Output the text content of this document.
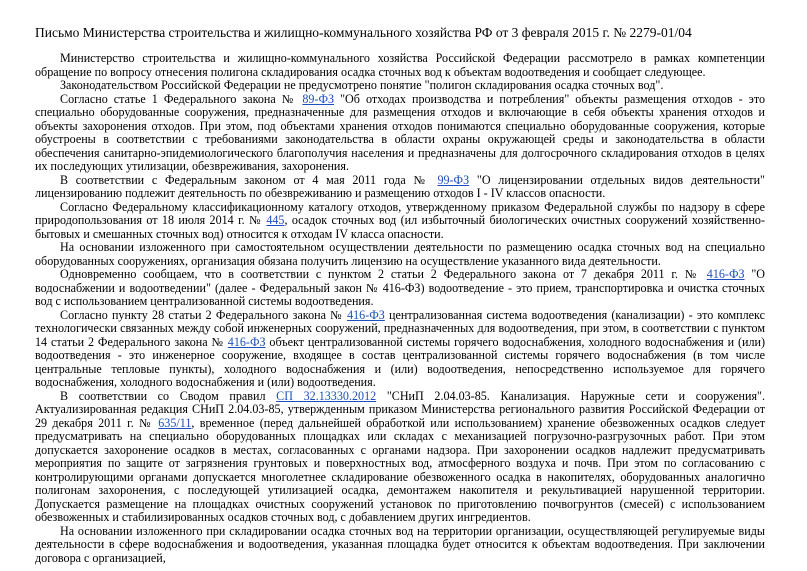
Письмо Министерства строительства и жилищно-коммунального хозяйства РФ от 3 февраля 2015 г. № 2279-01/04

Министерство строительства и жилищно-коммунального хозяйства Российской Федерации рассмотрело в рамках компетенции обращение по вопросу отнесения полигона складирования осадка сточных вод к объектам водоотведения и сообщает следующее.

Законодательством Российской Федерации не предусмотрено понятие "полигон складирования осадка сточных вод".

Согласно статье 1 Федерального закона № 89-ФЗ "Об отходах производства и потребления" объекты размещения отходов - это специально оборудованные сооружения, предназначенные для размещения отходов и включающие в себя объекты хранения отходов и объекты захоронения отходов. При этом, под объектами хранения отходов понимаются специально оборудованные сооружения, которые обустроены в соответствии с требованиями законодательства в области охраны окружающей среды и законодательства в области обеспечения санитарно-эпидемиологического благополучия населения и предназначены для долгосрочного складирования отходов в целях их последующих утилизации, обезвреживания, захоронения.

В соответствии с Федеральным законом от 4 мая 2011 года № 99-ФЗ "О лицензировании отдельных видов деятельности" лицензированию подлежит деятельность по обезвреживанию и размещению отходов I - IV классов опасности.

Согласно Федеральному классификационному каталогу отходов, утвержденному приказом Федеральной службы по надзору в сфере природопользования от 18 июля 2014 г. № 445, осадок сточных вод (ил избыточный биологических очистных сооружений хозяйственно-бытовых и смешанных сточных вод) относится к отходам IV класса опасности.

На основании изложенного при самостоятельном осуществлении деятельности по размещению осадка сточных вод на специально оборудованных сооружениях, организация обязана получить лицензию на осуществление указанного вида деятельности.

Одновременно сообщаем, что в соответствии с пунктом 2 статьи 2 Федерального закона от 7 декабря 2011 г. № 416-ФЗ "О водоснабжении и водоотведении" (далее - Федеральный закон № 416-ФЗ) водоотведение - это прием, транспортировка и очистка сточных вод с использованием централизованной системы водоотведения.

Согласно пункту 28 статьи 2 Федерального закона № 416-ФЗ централизованная система водоотведения (канализации) - это комплекс технологически связанных между собой инженерных сооружений, предназначенных для водоотведения, при этом, в соответствии с пунктом 14 статьи 2 Федерального закона № 416-ФЗ объект централизованной системы горячего водоснабжения, холодного водоснабжения и (или) водоотведения - это инженерное сооружение, входящее в состав централизованной системы горячего водоснабжения (в том числе центральные тепловые пункты), холодного водоснабжения и (или) водоотведения, непосредственно используемое для горячего водоснабжения, холодного водоснабжения и (или) водоотведения.

В соответствии со Сводом правил СП 32.13330.2012 "СНиП 2.04.03-85. Канализация. Наружные сети и сооружения". Актуализированная редакция СНиП 2.04.03-85, утвержденным приказом Министерства регионального развития Российской Федерации от 29 декабря 2011 г. № 635/11, временное (перед дальнейшей обработкой или использованием) хранение обезвоженных осадков следует предусматривать на специально оборудованных площадках или складах с механизацией погрузочно-разгрузочных работ. При этом допускается захоронение осадков в местах, согласованных с органами надзора. При захоронении осадков надлежит предусматривать мероприятия по защите от загрязнения грунтовых и поверхностных вод, атмосферного воздуха и почв. При этом по согласованию с контролирующими органами допускается многолетнее складирование обезвоженного осадка в накопителях, оборудованных аналогично полигонам захоронения, с последующей утилизацией осадка, демонтажем накопителя и рекультивацией нарушенной территории. Допускается размещение на площадках очистных сооружений установок по приготовлению почвогрунтов (смесей) с использованием обезвоженных и стабилизированных осадков сточных вод, с добавлением других ингредиентов.

На основании изложенного при складировании осадка сточных вод на территории организации, осуществляющей регулируемые виды деятельности в сфере водоснабжения и водоотведения, указанная площадка будет относится к объектам водоотведения. При заключении договора с организацией,
